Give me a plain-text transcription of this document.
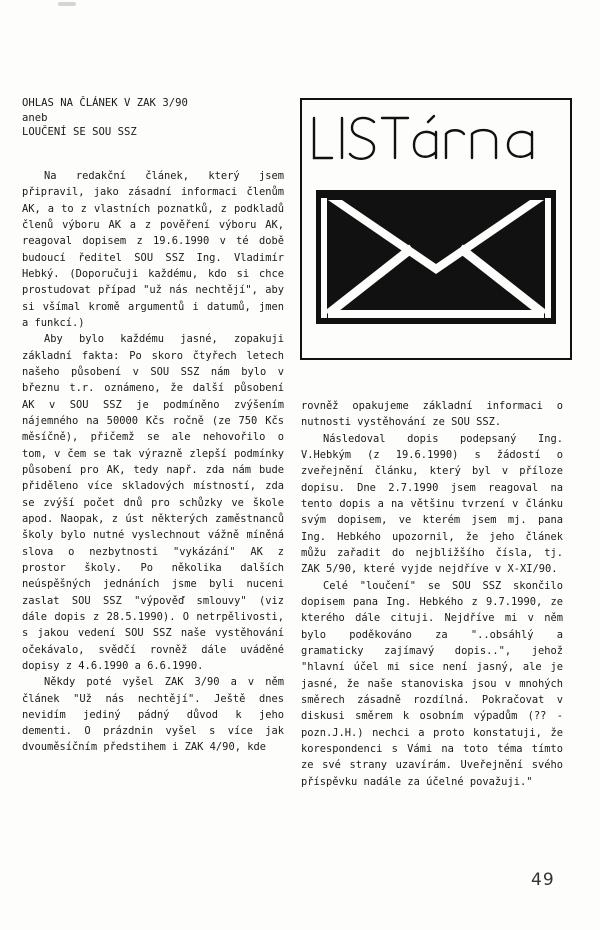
OHLAS NA ČLÁNEK V ZAK 3/90
aneb
LOUČENÍ SE SOU SSZ

Na redakční článek, který jsem připravil, jako zásadní informaci členům AK, a to z vlastních poznatků, z podkladů členů výboru AK a z pověření výboru AK, reagoval dopisem z 19.6.1990 v té době budoucí ředitel SOU SSZ Ing. Vladimír Hebký. (Doporučuji každému, kdo si chce prostudovat případ "už nás nechtějí", aby si všímal kromě argumentů i datumů, jmen a funkcí.)

Aby bylo každému jasné, zopakuji základní fakta: Po skoro čtyřech letech našeho působení v SOU SSZ nám bylo v březnu t.r. oznámeno, že další působení AK v SOU SSZ je podmíněno zvýšením nájemného na 50000 Kčs ročně (ze 750 Kčs měsíčně), přičemž se ale nehovořilo o tom, v čem se tak výrazně zlepší podmínky působení pro AK, tedy např. zda nám bude přiděleno více skladových místností, zda se zvýší počet dnů pro schůzky ve škole apod. Naopak, z úst některých zaměstnanců školy bylo nutné vyslechnout vážně míněná slova o nezbytnosti "vykázání" AK z prostor školy. Po několika dalších neúspěšných jednáních jsme byli nuceni zaslat SOU SSZ "výpověď smlouvy" (viz dále dopis z 28.5.1990). O netrpělivosti, s jakou vedení SOU SSZ naše vystěhování očekávalo, svědčí rovněž dále uváděné dopisy z 4.6.1990 a 6.6.1990.

Někdy poté vyšel ZAK 3/90 a v něm článek "Už nás nechtějí". Ještě dnes nevidím jediný pádný důvod k jeho dementi. O prázdnin vyšel s více jak dvouměsíčním předstihem i ZAK 4/90, kde

rovněž opakujeme základní informaci o nutnosti vystěhování ze SOU SSZ.

Následoval dopis podepsaný Ing. V.Hebkým (z 19.6.1990) s žádostí o zveřejnění článku, který byl v příloze dopisu. Dne 2.7.1990 jsem reagoval na tento dopis a na většinu tvrzení v článku svým dopisem, ve kterém jsem mj. pana Ing. Hebkého upozornil, že jeho článek můžu zařadit do nejbližšího čísla, tj. ZAK 5/90, které vyjde nejdříve v X-XI/90.

Celé "loučení" se SOU SSZ skončilo dopisem pana Ing. Hebkého z 9.7.1990, ze kterého dále cituji. Nejdříve mi v něm bylo poděkováno za "..obsáhlý a gramaticky zajímavý dopis..", jehož "hlavní účel mi sice není jasný, ale je jasné, že naše stanoviska jsou v mnohých směrech zásadně rozdílná. Pokračovat v diskusi směrem k osobním výpadům (?? - pozn.J.H.) nechci a proto konstatuji, že korespondenci s Vámi na toto téma tímto ze své strany uzavírám. Uveřejnění svého příspěvku nadále za účelné považuji."

49
